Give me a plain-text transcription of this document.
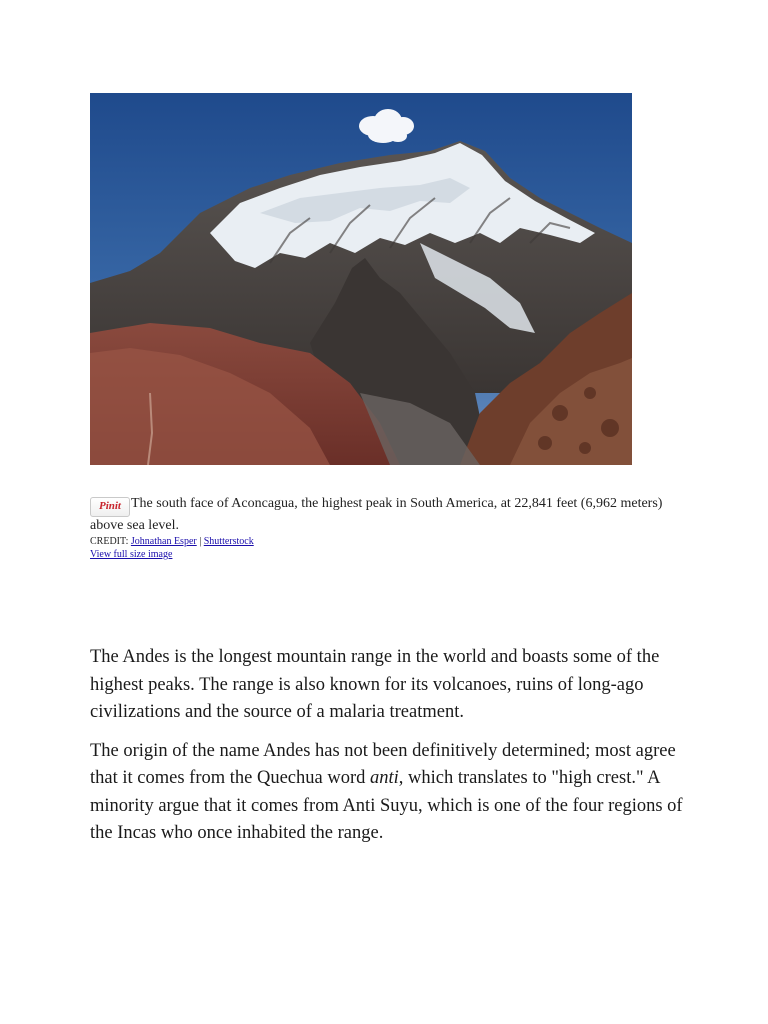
Pinit The south face of Aconcagua, the highest peak in South America, at 22,841 feet (6,962 meters) above sea level.
CREDIT: Johnathan Esper | Shutterstock
View full size image

The Andes is the longest mountain range in the world and boasts some of the highest peaks. The range is also known for its volcanoes, ruins of long-ago civilizations and the source of a malaria treatment.

The origin of the name Andes has not been definitively determined; most agree that it comes from the Quechua word anti, which translates to "high crest." A minority argue that it comes from Anti Suyu, which is one of the four regions of the Incas who once inhabited the range.
